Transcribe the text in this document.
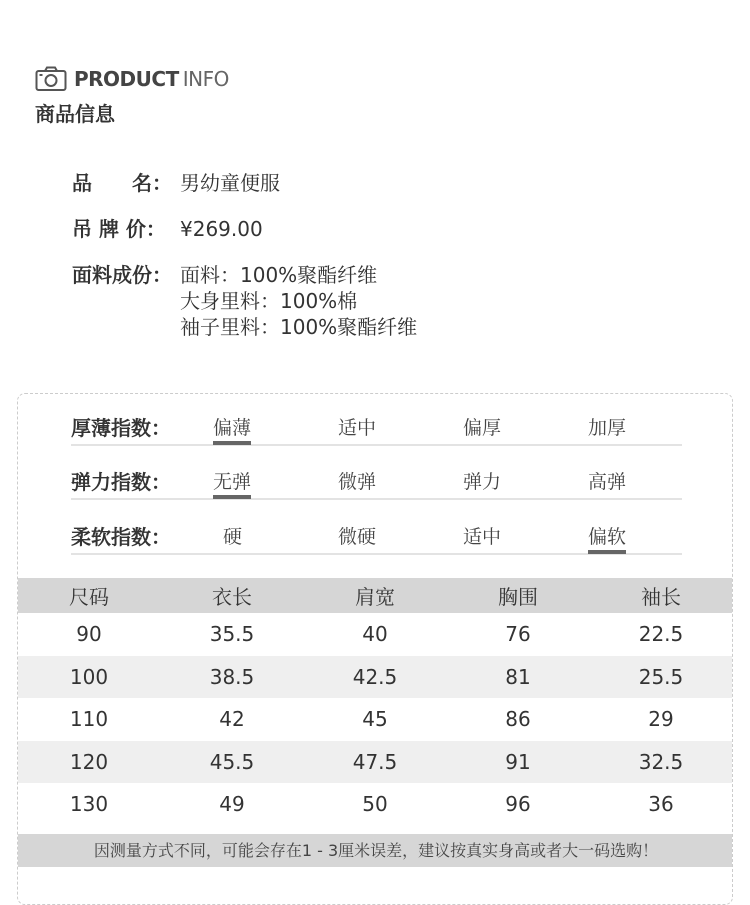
PRODUCT INFO
商品信息
品　　名： 男幼童便服
吊 牌 价： ¥269.00
面料成份： 面料：100%聚酯纤维
大身里料：100%棉
袖子里料：100%聚酯纤维
厚薄指数： 偏薄	适中	偏厚	加厚
弹力指数： 无弹	微弹	弹力	高弹
柔软指数：	硬	微硬	适中	偏软
尺码	衣长	肩宽	胸围	袖长
90	35.5	40	76	22.5
100	38.5	42.5	81	25.5
110	42	45	86	29
120	45.5	47.5	91	32.5
130	49	50	96	36
因测量方式不同，可能会存在1 - 3厘米误差，建议按真实身高或者大一码选购！
